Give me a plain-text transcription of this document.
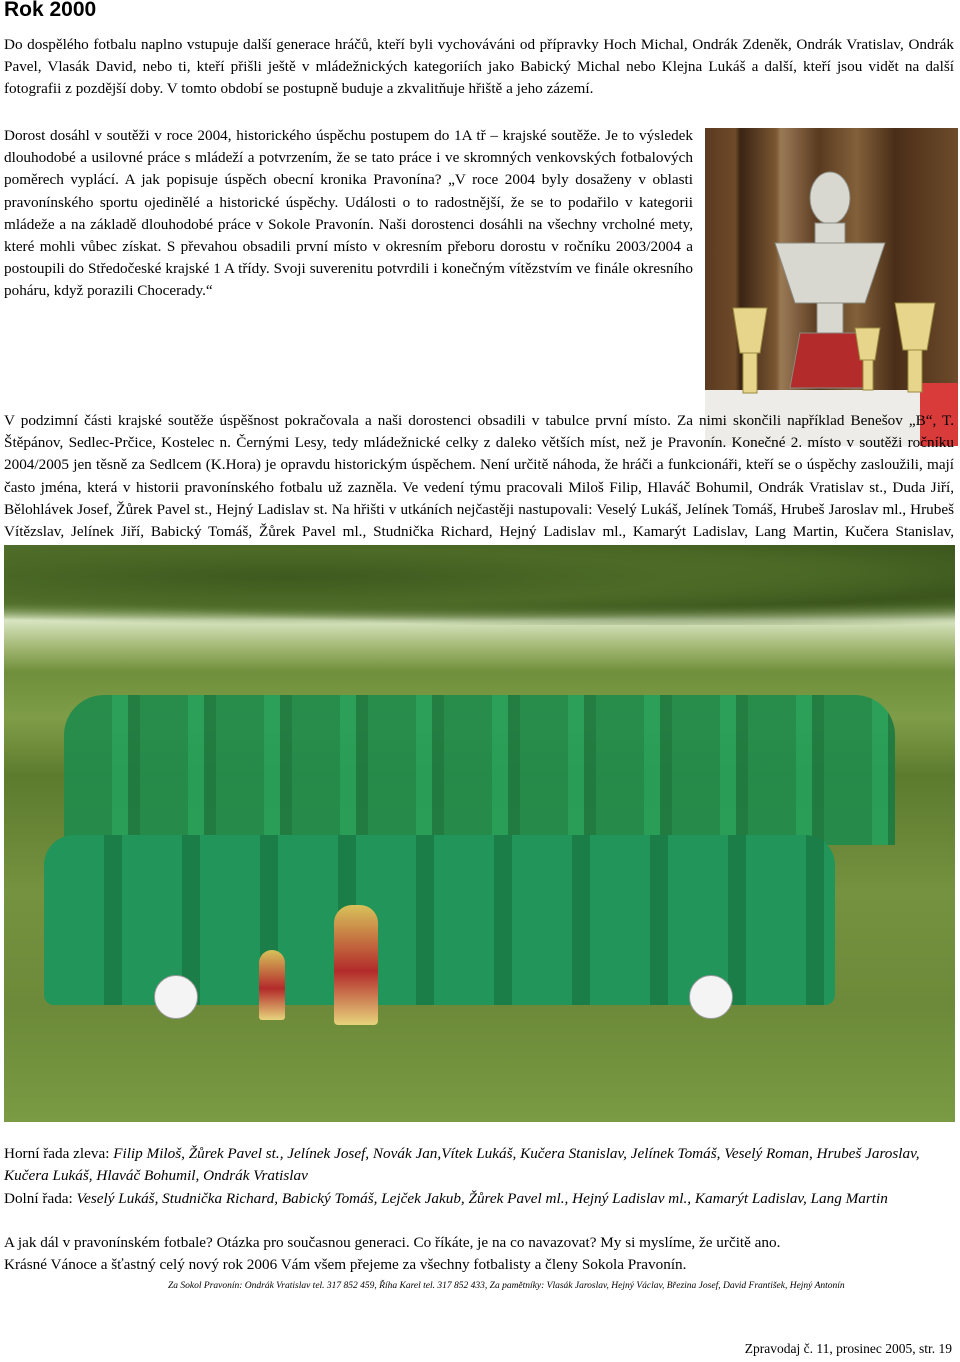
Rok 2000

Do dospělého fotbalu naplno vstupuje další generace hráčů, kteří byli vychováváni od přípravky Hoch Michal, Ondrák Zdeněk, Ondrák Vratislav, Ondrák Pavel, Vlasák David, nebo ti, kteří přišli ještě v mládežnických kategoriích jako Babický Michal nebo Klejna Lukáš a další, kteří jsou vidět na další fotografii z pozdější doby. V tomto období se postupně buduje a zkvalitňuje hřiště a jeho zázemí.

Dorost dosáhl v soutěži v roce 2004, historického úspěchu postupem do 1A tř – krajské soutěže. Je to výsledek dlouhodobé a usilovné práce s mládeží a potvrzením, že se tato práce i ve skromných venkovských fotbalových poměrech vyplácí. A jak popisuje úspěch obecní kronika Pravonína? „V roce 2004 byly dosaženy v oblasti pravonínského sportu ojedinělé a historické úspěchy. Události o to radostnější, že se to podařilo v kategorii mládeže a na základě dlouhodobé práce v Sokole Pravonín. Naši dorostenci dosáhli na všechny vrcholné mety, které mohli vůbec získat. S převahou obsadili první místo v okresním přeboru dorostu v ročníku 2003/2004 a postoupili do Středočeské krajské 1 A třídy. Svoji suverenitu potvrdili i konečným vítězstvím ve finále okresního poháru, když porazili Chocerady.“

V podzimní části krajské soutěže úspěšnost pokračovala a naši dorostenci obsadili v tabulce první místo. Za nimi skončili například Benešov „B“, T. Štěpánov, Sedlec-Prčice, Kostelec n. Černými Lesy, tedy mládežnické celky z daleko větších míst, než je Pravonín. Konečné 2. místo v soutěži ročníku 2004/2005 jen těsně za Sedlcem (K.Hora) je opravdu historickým úspěchem. Není určitě náhoda, že hráči a funkcionáři, kteří se o úspěchy zasloužili, mají často jména, která v historii pravonínského fotbalu už zazněla. Ve vedení týmu pracovali Miloš Filip, Hlaváč Bohumil, Ondrák Vratislav st., Duda Jiří, Bělohlávek Josef, Žůrek Pavel st., Hejný Ladislav st. Na hřišti v utkáních nejčastěji nastupovali: Veselý Lukáš, Jelínek Tomáš, Hrubeš Jaroslav ml., Hrubeš Vítězslav, Jelínek Jiří, Babický Tomáš, Žůrek Pavel ml., Studnička Richard, Hejný Ladislav ml., Kamarýt Ladislav, Lang Martin, Kučera Stanislav,

Horní řada zleva: Filip Miloš, Žůrek Pavel st., Jelínek Josef, Novák Jan,Vítek Lukáš, Kučera Stanislav, Jelínek Tomáš, Veselý Roman, Hrubeš Jaroslav, Kučera Lukáš, Hlaváč Bohumil, Ondrák Vratislav

Dolní řada: Veselý Lukáš, Studnička Richard, Babický Tomáš, Lejček Jakub, Žůrek Pavel ml., Hejný Ladislav ml., Kamarýt Ladislav, Lang Martin

A jak dál v pravonínském fotbale? Otázka pro současnou generaci. Co říkáte, je na co navazovat? My si myslíme, že určitě ano.

Krásné Vánoce a šťastný celý nový rok 2006 Vám všem přejeme za všechny fotbalisty a členy Sokola Pravonín.

Za Sokol Pravonín: Ondrák Vratislav tel. 317 852 459, Říha Karel tel. 317 852 433, Za pamětníky: Vlasák Jaroslav, Hejný Václav, Březina Josef, David František, Hejný Antonín
Zpravodaj č. 11, prosinec 2005, str. 19
